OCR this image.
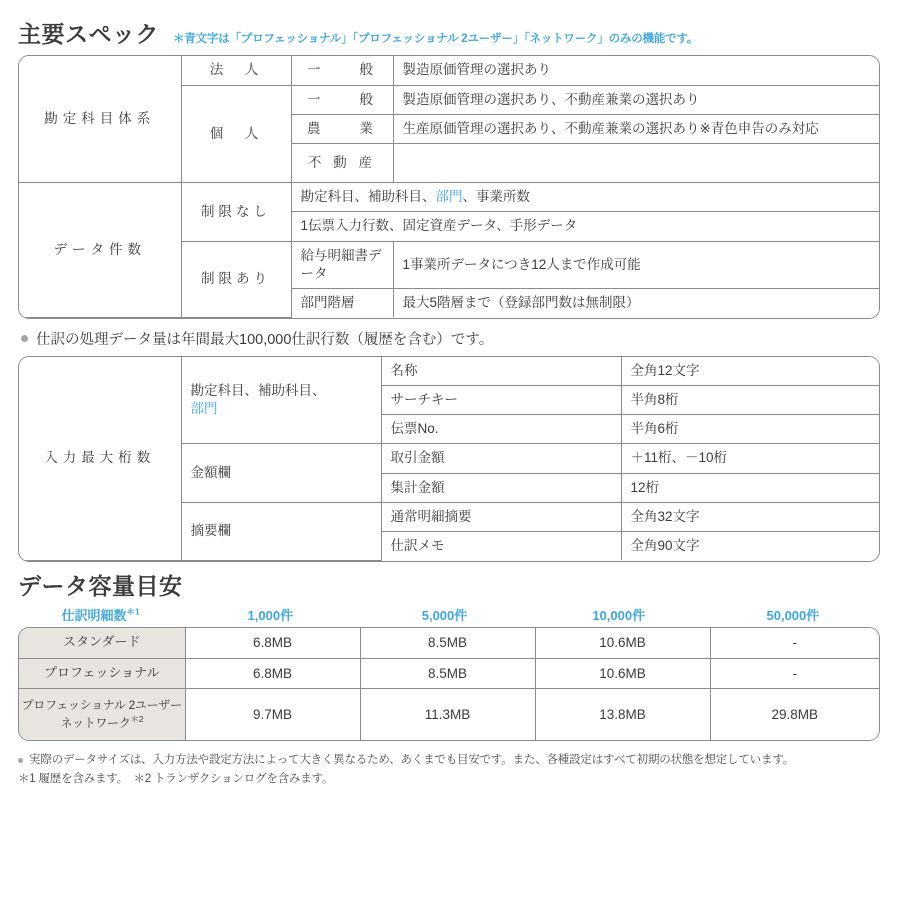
主要スペック ＊青文字は「プロフェッショナル」「プロフェッショナル 2ユーザー」「ネットワーク」のみの機能です。
勘定科目体系	法　人	一　　般	製造原価管理の選択あり
	個　人	一　　般	製造原価管理の選択あり、不動産兼業の選択あり
		農　　業	生産原価管理の選択あり、不動産兼業の選択あり※青色申告のみ対応
		不 動 産	
データ件数	制限なし	勘定科目、補助科目、部門、事業所数	
		1伝票入力行数、固定資産データ、手形データ	
	制限あり	給与明細書データ	1事業所データにつき12人まで作成可能
		部門階層	最大5階層まで（登録部門数は無制限）
仕訳の処理データ量は年間最大100,000仕訳行数（履歴を含む）です。
入力最大桁数	勘定科目、補助科目、
部門	名称	全角12文字
		サーチキー	半角8桁
		伝票No.	半角6桁
	金額欄	取引金額	＋11桁、－10桁
		集計金額	12桁
	摘要欄	通常明細摘要	全角32文字
		仕訳メモ	全角90文字
データ容量目安
仕訳明細数$^{*1}$	1,000件	5,000件	10,000件	50,000件
スタンダード	6.8MB	8.5MB	10.6MB	-
プロフェッショナル	6.8MB	8.5MB	10.6MB	-
プロフェッショナル 2ユーザー
ネットワーク$^{*2}$	9.7MB	11.3MB	13.8MB	29.8MB
実際のデータサイズは、入力方法や設定方法によって大きく異なるため、あくまでも目安です。また、各種設定はすべて初期の状態を想定しています。
＊1 履歴を含みます。　＊2 トランザクションログを含みます。
